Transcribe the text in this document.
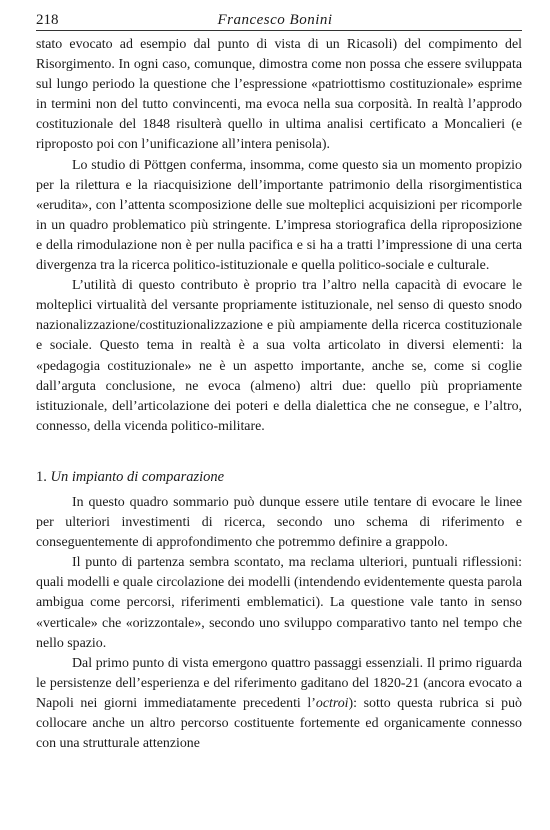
218	Francesco Bonini

stato evocato ad esempio dal punto di vista di un Ricasoli) del compimento del Risorgimento. In ogni caso, comunque, dimostra come non possa che essere sviluppata sul lungo periodo la questione che l’espressione «patriottismo costituzionale» esprime in termini non del tutto convincenti, ma evoca nella sua corposità. In realtà l’approdo costituzionale del 1848 risulterà quello in ultima analisi certificato a Moncalieri (e riproposto poi con l’unificazione all’intera penisola).

Lo studio di Pöttgen conferma, insomma, come questo sia un momento propizio per la rilettura e la riacquisizione dell’importante patrimonio della risorgimentistica «erudita», con l’attenta scomposizione delle sue molteplici acquisizioni per ricomporle in un quadro problematico più stringente. L’impresa storiografica della riproposizione e della rimodulazione non è per nulla pacifica e si ha a tratti l’impressione di una certa divergenza tra la ricerca politico-istituzionale e quella politico-sociale e culturale.

L’utilità di questo contributo è proprio tra l’altro nella capacità di evocare le molteplici virtualità del versante propriamente istituzionale, nel senso di questo snodo nazionalizzazione/costituzionalizzazione e più ampiamente della ricerca costituzionale e sociale. Questo tema in realtà è a sua volta articolato in diversi elementi: la «pedagogia costituzionale» ne è un aspetto importante, anche se, come si coglie dall’arguta conclusione, ne evoca (almeno) altri due: quello più propriamente istituzionale, dell’articolazione dei poteri e della dialettica che ne consegue, e l’altro, connesso, della vicenda politico-militare.

1. Un impianto di comparazione

In questo quadro sommario può dunque essere utile tentare di evocare le linee per ulteriori investimenti di ricerca, secondo uno schema di riferimento e conseguentemente di approfondimento che potremmo definire a grappolo.

Il punto di partenza sembra scontato, ma reclama ulteriori, puntuali riflessioni: quali modelli e quale circolazione dei modelli (intendendo evidentemente questa parola ambigua come percorsi, riferimenti emblematici). La questione vale tanto in senso «verticale» che «orizzontale», secondo uno sviluppo comparativo tanto nel tempo che nello spazio.

Dal primo punto di vista emergono quattro passaggi essenziali. Il primo riguarda le persistenze dell’esperienza e del riferimento gaditano del 1820-21 (ancora evocato a Napoli nei giorni immediatamente precedenti l’octroi): sotto questa rubrica si può collocare anche un altro percorso costituente fortemente ed organicamente connesso con una strutturale attenzione
